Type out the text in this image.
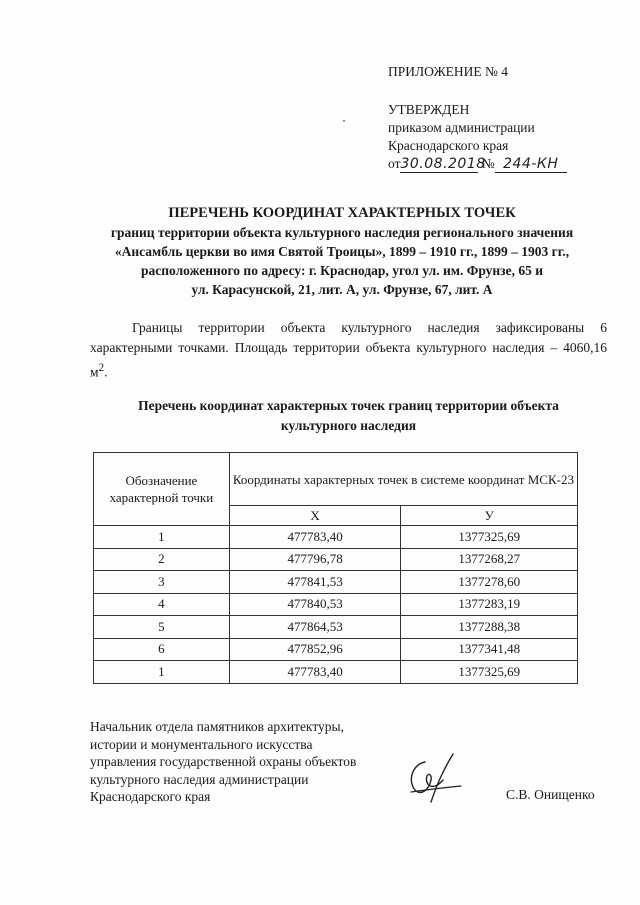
ПРИЛОЖЕНИЕ № 4
УТВЕРЖДЕН
приказом администрации
Краснодарского края
от30.08.2018 № 244-КН
ПЕРЕЧЕНЬ КООРДИНАТ ХАРАКТЕРНЫХ ТОЧЕК
границ территории объекта культурного наследия регионального значения
«Ансамбль церкви во имя Святой Троицы», 1899 – 1910 гг., 1899 – 1903 гг.,
расположенного по адресу: г. Краснодар, угол ул. им. Фрунзе, 65 и
ул. Карасунской, 21, лит. А, ул. Фрунзе, 67, лит. А
Границы территории объекта культурного наследия зафиксированы 6 характерными точками. Площадь территории объекта культурного наследия – 4060,16 $м^2$.
Перечень координат характерных точек границ территории объекта
культурного наследия
Обозначение характерной точки	Координаты характерных точек в системе координат МСК-23	
	X	У
1	477783,40	1377325,69
2	477796,78	1377268,27
3	477841,53	1377278,60
4	477840,53	1377283,19
5	477864,53	1377288,38
6	477852,96	1377341,48
1	477783,40	1377325,69
Начальник отдела памятников архитектуры,
истории и монументального искусства
управления государственной охраны объектов
культурного наследия администрации
Краснодарского края	С.В. Онищенко
